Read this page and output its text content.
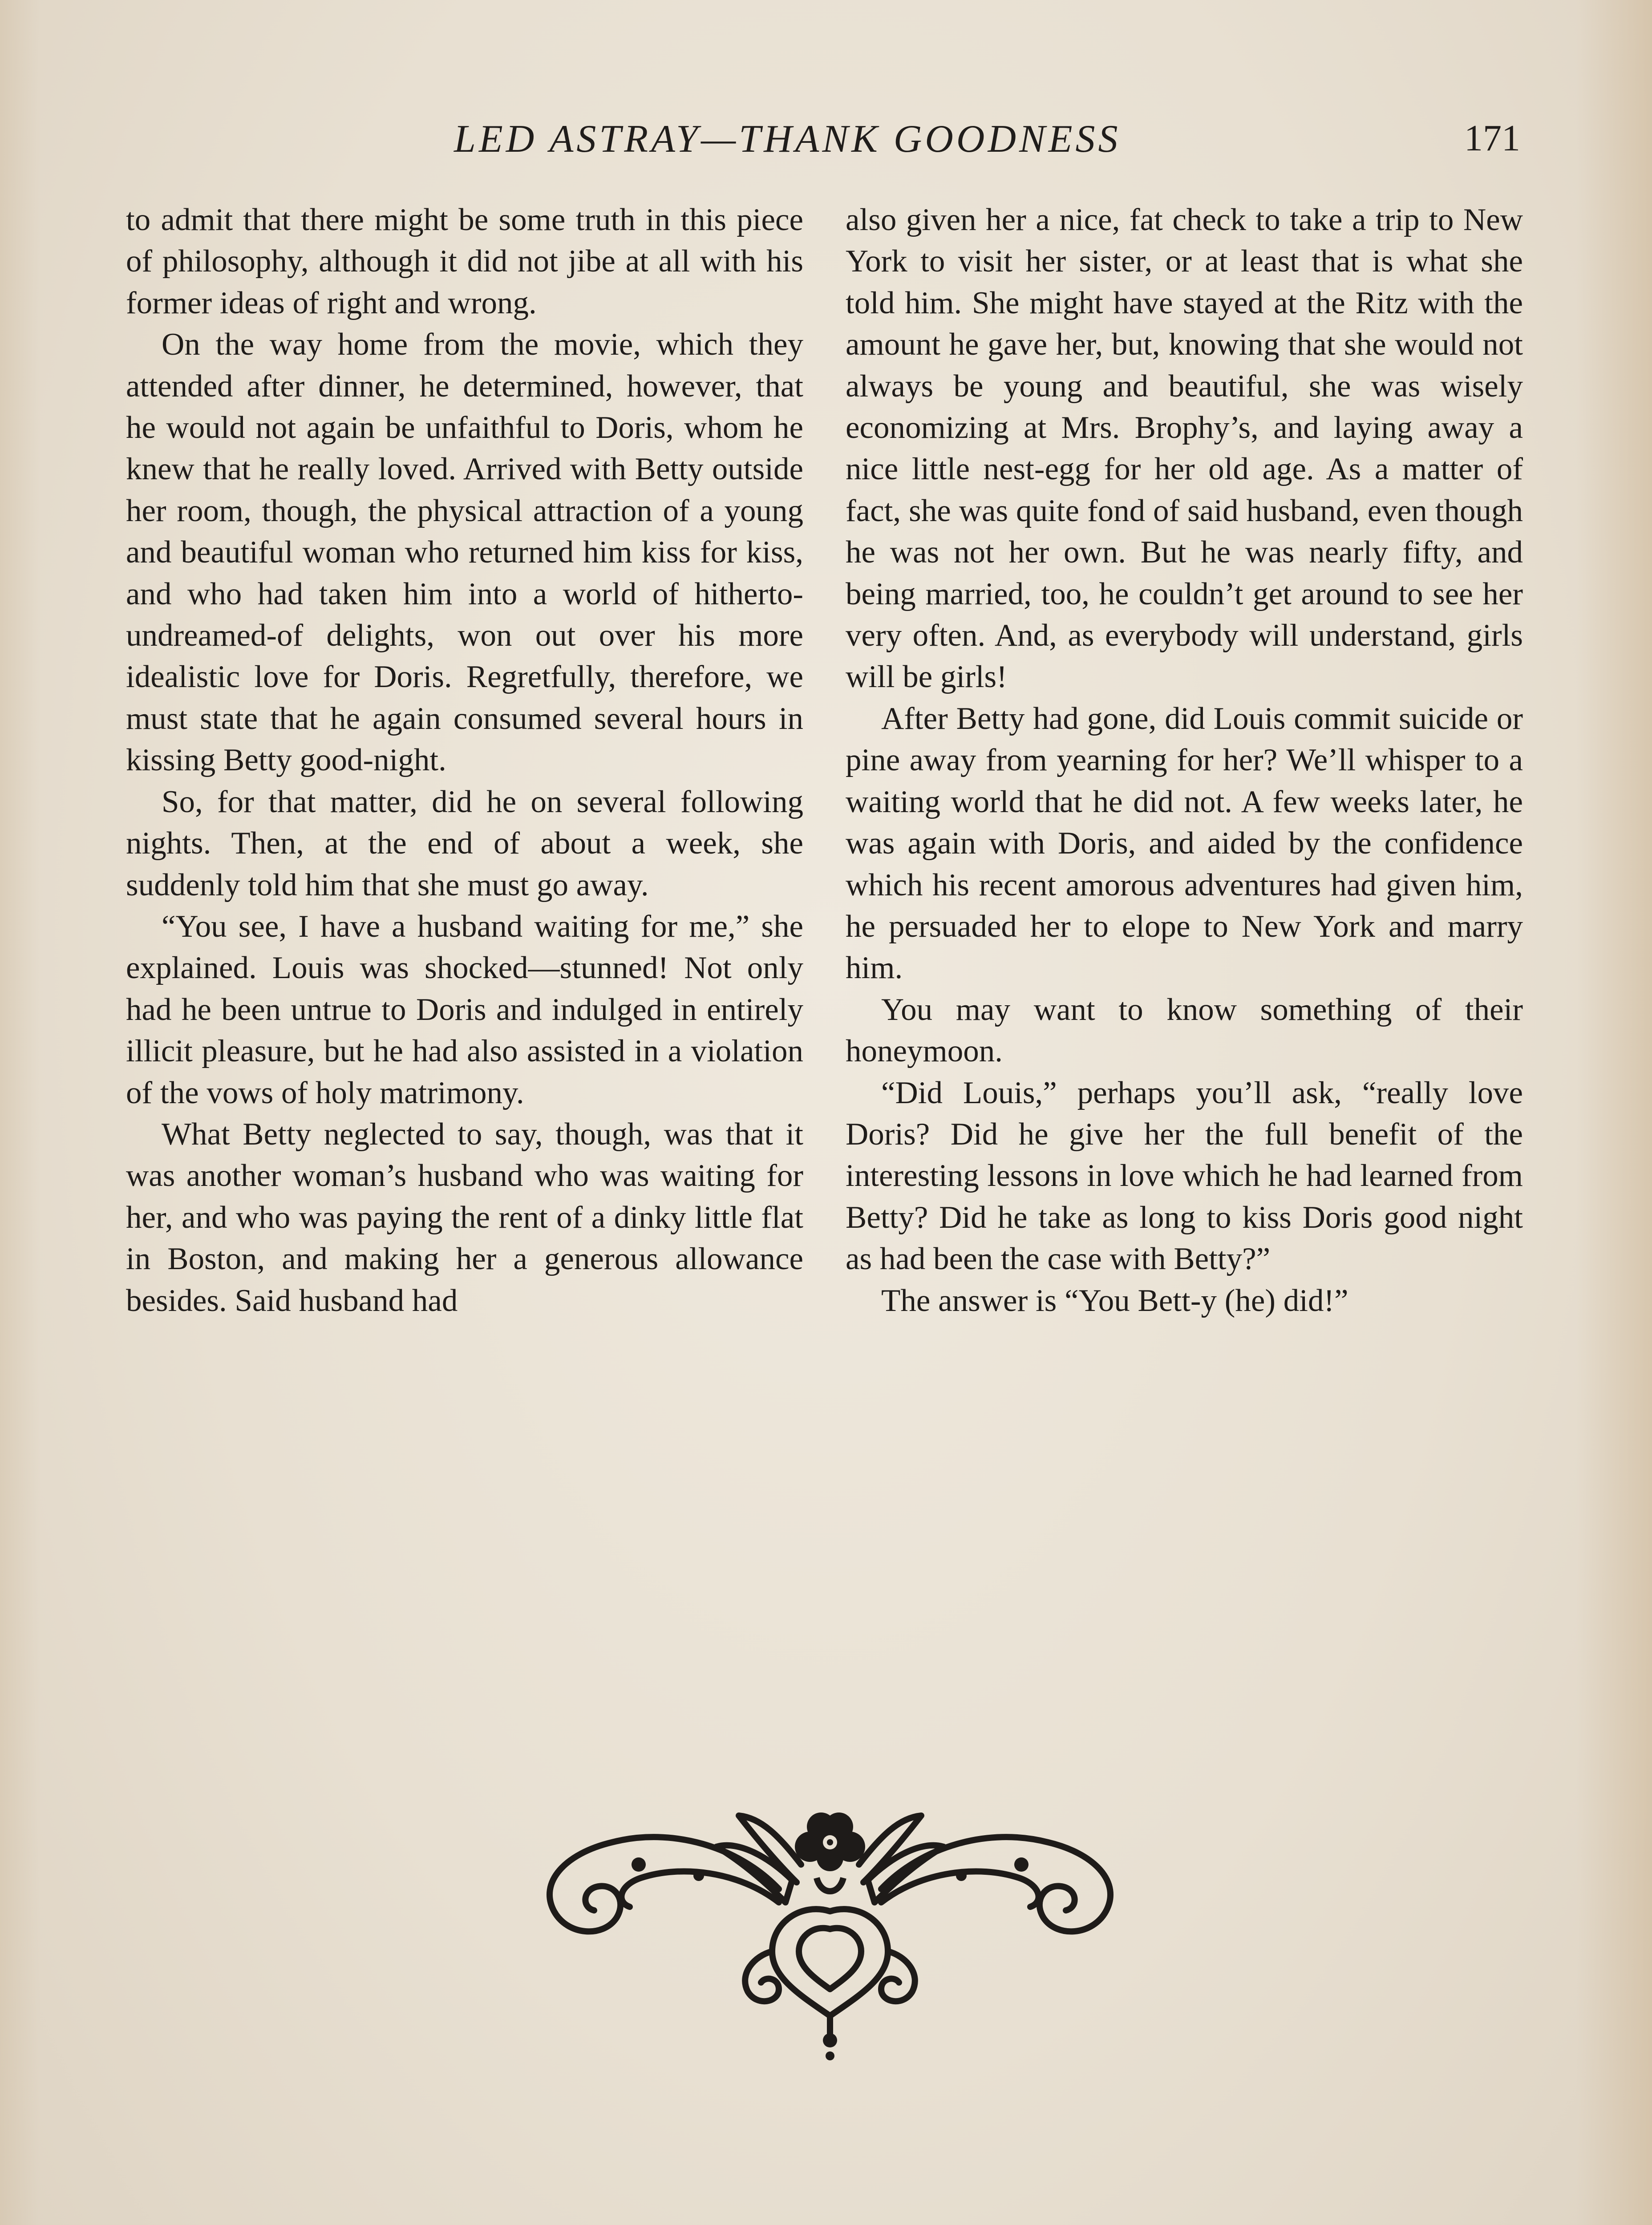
LED ASTRAY—THANK GOODNESS	171

to admit that there might be some truth in this piece of philosophy, although it did not jibe at all with his former ideas of right and wrong.

On the way home from the movie, which they attended after dinner, he determined, however, that he would not again be unfaithful to Doris, whom he knew that he really loved. Arrived with Betty outside her room, though, the physical attraction of a young and beautiful woman who returned him kiss for kiss, and who had taken him into a world of hitherto-undreamed-of delights, won out over his more idealistic love for Doris. Regretfully, therefore, we must state that he again consumed several hours in kissing Betty good-night.

So, for that matter, did he on several following nights. Then, at the end of about a week, she suddenly told him that she must go away.

“You see, I have a husband waiting for me,” she explained. Louis was shocked—stunned! Not only had he been untrue to Doris and indulged in entirely illicit pleasure, but he had also assisted in a violation of the vows of holy matrimony.

What Betty neglected to say, though, was that it was another woman’s husband who was waiting for her, and who was paying the rent of a dinky little flat in Boston, and making her a generous allowance besides. Said husband had

also given her a nice, fat check to take a trip to New York to visit her sister, or at least that is what she told him. She might have stayed at the Ritz with the amount he gave her, but, knowing that she would not always be young and beautiful, she was wisely economizing at Mrs. Brophy’s, and laying away a nice little nest-egg for her old age. As a matter of fact, she was quite fond of said husband, even though he was not her own. But he was nearly fifty, and being married, too, he couldn’t get around to see her very often. And, as everybody will understand, girls will be girls!

After Betty had gone, did Louis commit suicide or pine away from yearning for her? We’ll whisper to a waiting world that he did not. A few weeks later, he was again with Doris, and aided by the confidence which his recent amorous adventures had given him, he persuaded her to elope to New York and marry him.

You may want to know something of their honeymoon.

“Did Louis,” perhaps you’ll ask, “really love Doris? Did he give her the full benefit of the interesting lessons in love which he had learned from Betty? Did he take as long to kiss Doris good night as had been the case with Betty?”

The answer is “You Bett-y (he) did!”
